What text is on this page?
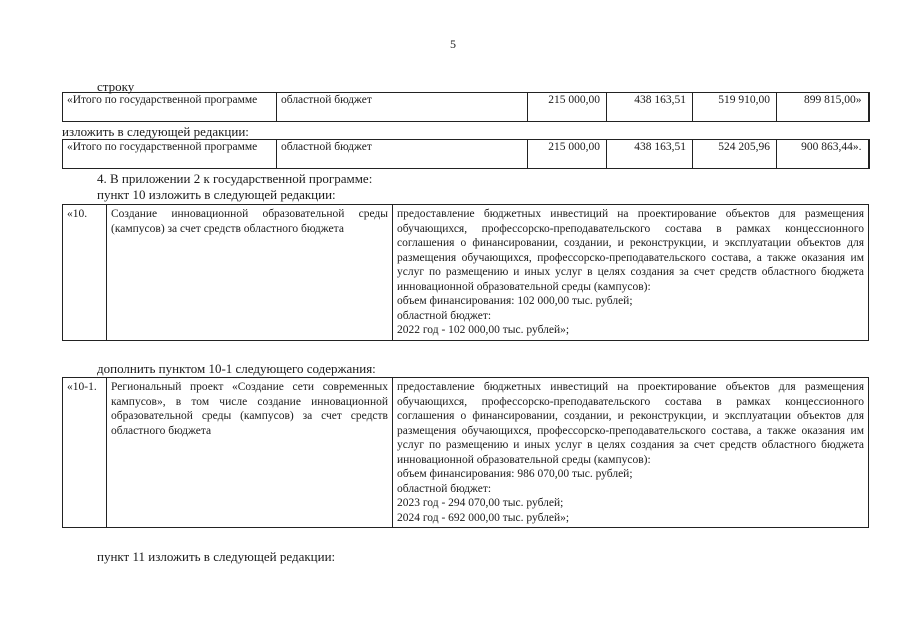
5
строку
«Итого по государственной программе	областной бюджет	215 000,00	438 163,51	519 910,00	899 815,00»
изложить в следующей редакции:
«Итого по государственной программе	областной бюджет	215 000,00	438 163,51	524 205,96	900 863,44».
4. В приложении 2 к государственной программе:
пункт 10 изложить в следующей редакции:
«10.	Создание инновационной образовательной среды (кампусов) за счет средств областного бюджета	
предоставление бюджетных инвестиций на проектирование объектов для размещения обучающихся, профессорско-преподавательского состава в рамках концессионного соглашения о финансировании, создании, и реконструкции, и эксплуатации объектов для размещения обучающихся, профессорско-преподавательского состава, а также оказания им услуг по размещению и иных услуг в целях создания за счет средств областного бюджета инновационной образовательной среды (кампусов):
объем финансирования: 102 000,00 тыс. рублей;
областной бюджет:
2022 год - 102 000,00 тыс. рублей»;
дополнить пунктом 10-1 следующего содержания:
«10-1.	Региональный проект «Создание сети современных кампусов», в том числе создание инновационной образовательной среды (кампусов) за счет средств областного бюджета	
предоставление бюджетных инвестиций на проектирование объектов для размещения обучающихся, профессорско-преподавательского состава в рамках концессионного соглашения о финансировании, создании, и реконструкции, и эксплуатации объектов для размещения обучающихся, профессорско-преподавательского состава, а также оказания им услуг по размещению и иных услуг в целях создания за счет средств областного бюджета инновационной образовательной среды (кампусов):
объем финансирования: 986 070,00 тыс. рублей;
областной бюджет:
2023 год - 294 070,00 тыс. рублей;
2024 год - 692 000,00 тыс. рублей»;
пункт 11 изложить в следующей редакции:
